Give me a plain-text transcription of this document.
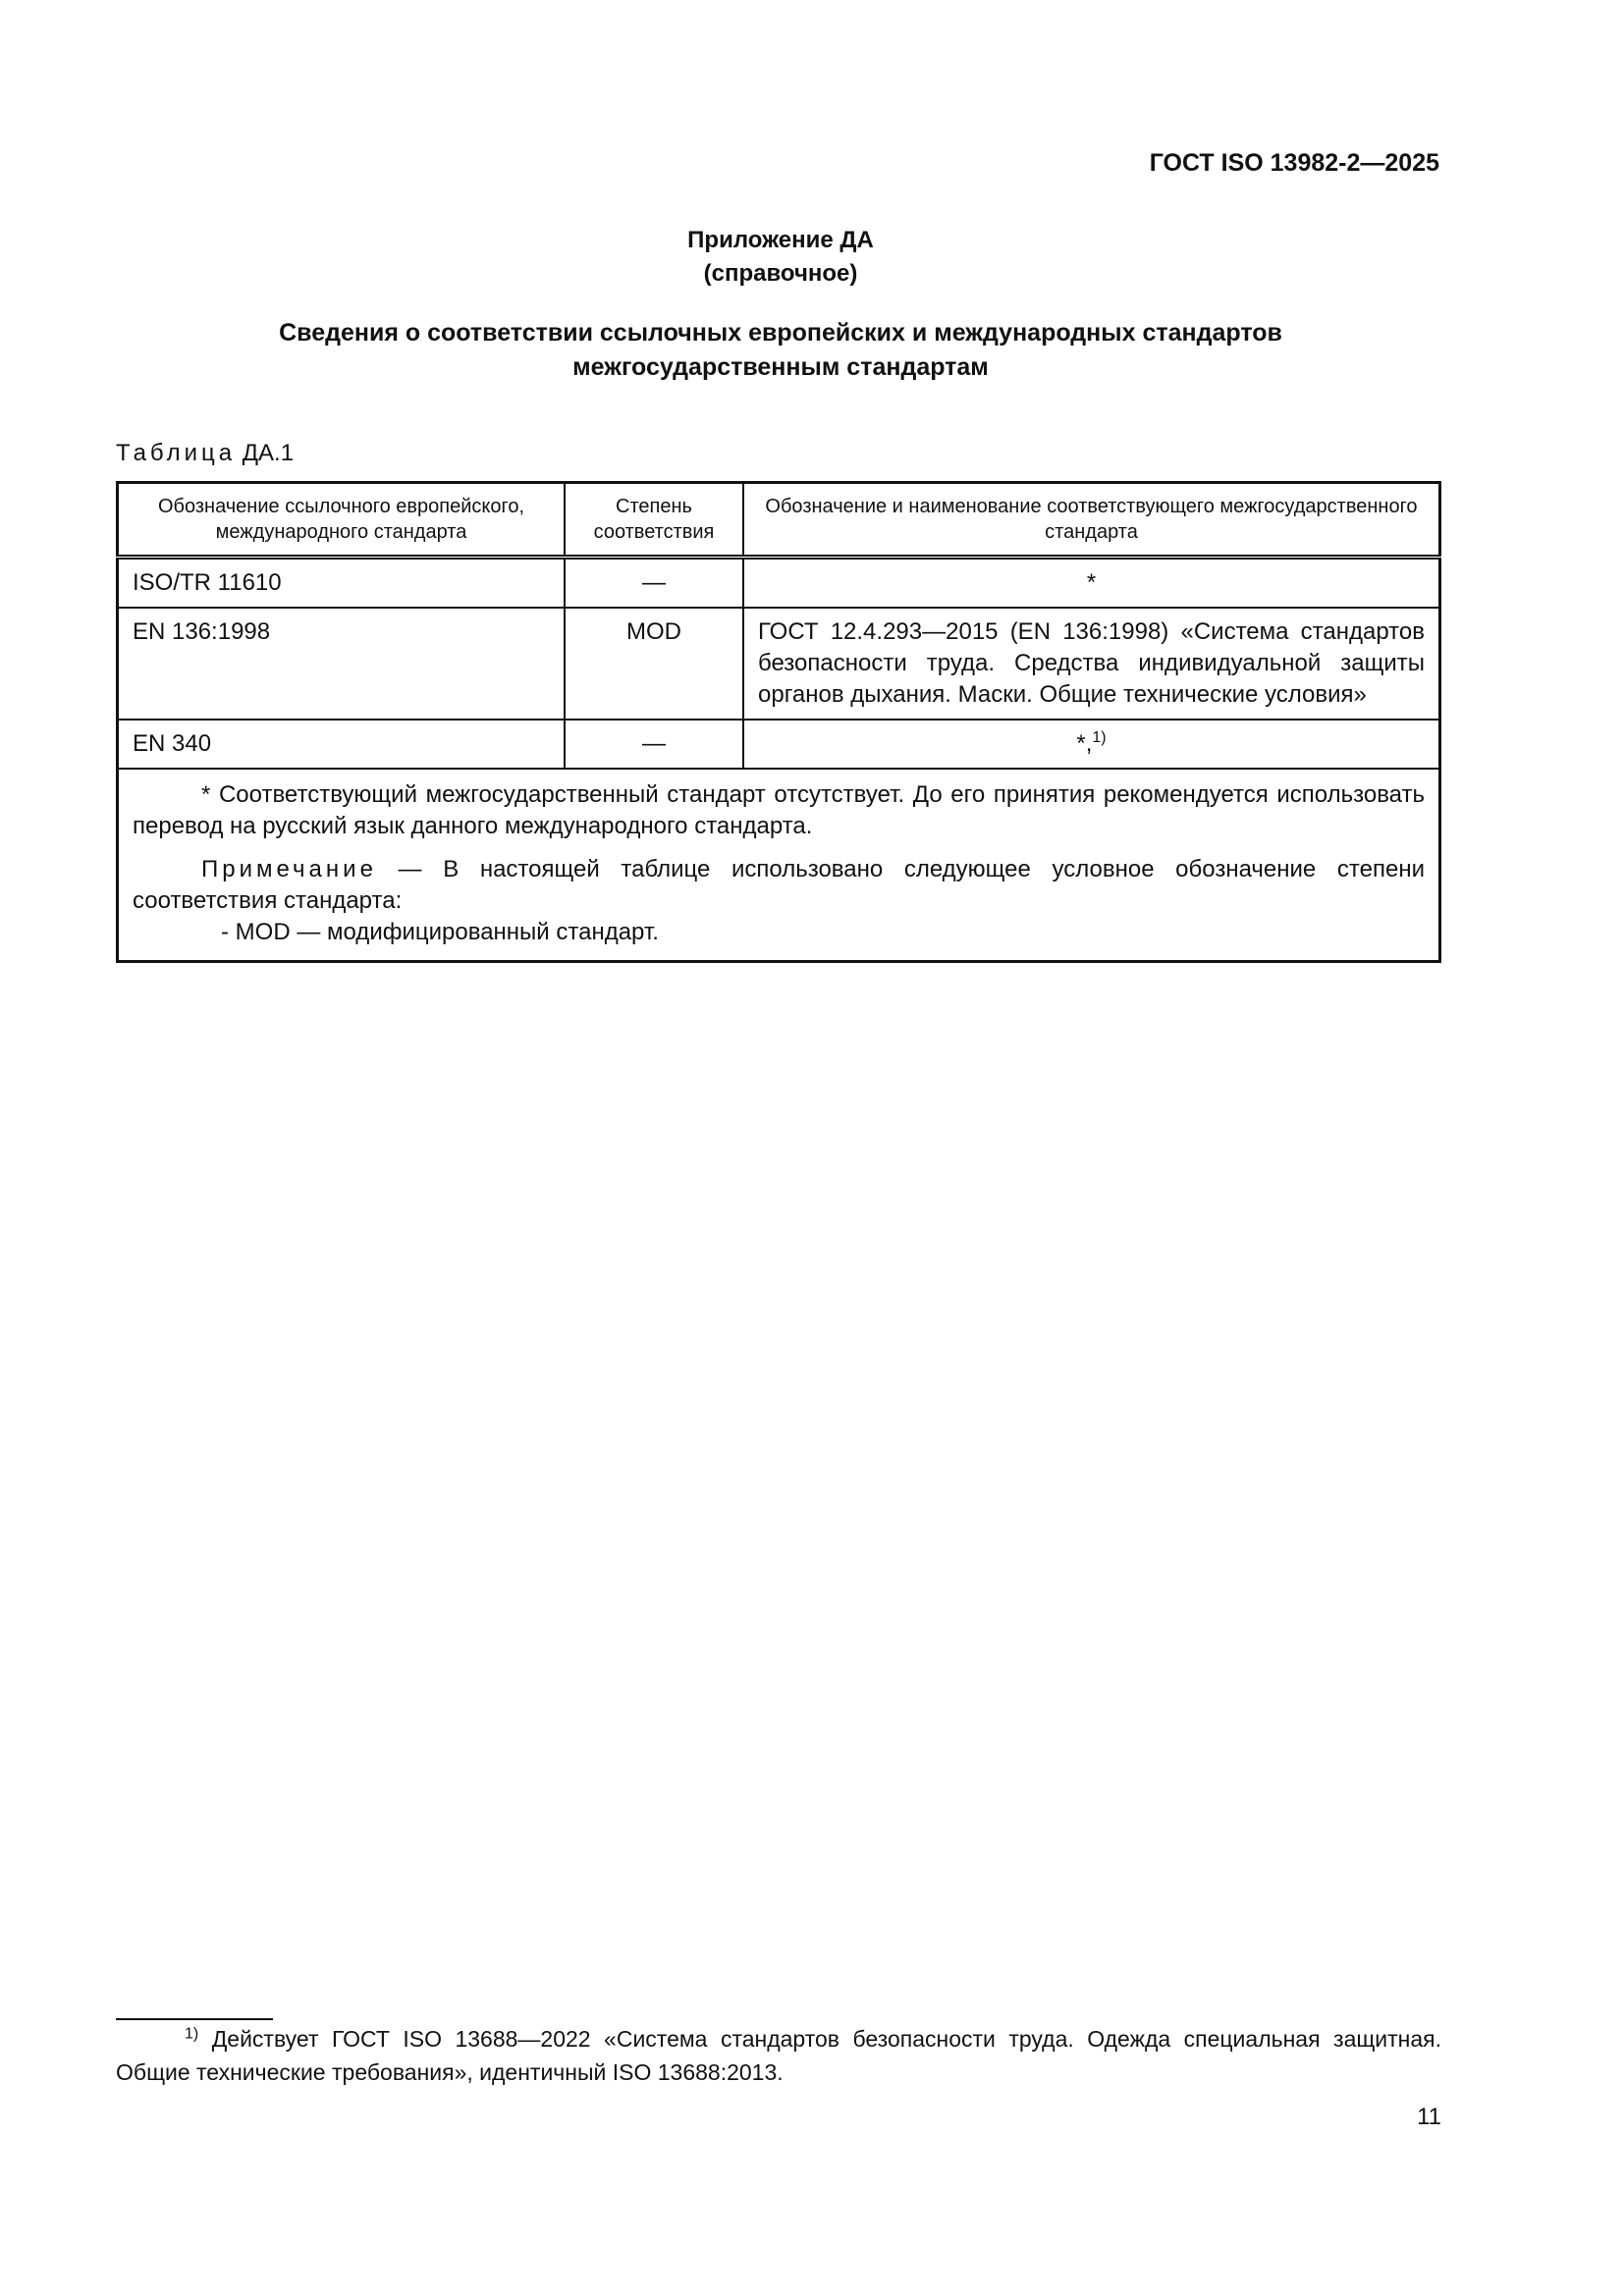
ГОСТ ISO 13982-2—2025
Приложение ДА
(справочное)
Сведения о соответствии ссылочных европейских и международных стандартов
межгосударственным стандартам
Таблица ДА.1
Обозначение ссылочного европейского, международного стандарта	Степень соответствия	Обозначение и наименование соответствующего межгосударственного стандарта
ISO/TR 11610	—	*
EN 136:1998	MOD	ГОСТ 12.4.293—2015 (EN 136:1998) «Система стандартов безопасности труда. Средства индивидуальной защиты органов дыхания. Маски. Общие технические условия»
EN 340	—	*,$^{1)}$

* Соответствующий межгосударственный стандарт отсутствует. До его принятия рекомендуется использовать перевод на русский язык данного международного стандарта.

Примечание — В настоящей таблице использовано следующее условное обозначение степени соответствия стандарта:

- MOD — модифицированный стандарт.		
$^{1)}$ Действует ГОСТ ISO 13688—2022 «Система стандартов безопасности труда. Одежда специальная защитная. Общие технические требования», идентичный ISO 13688:2013.
11
